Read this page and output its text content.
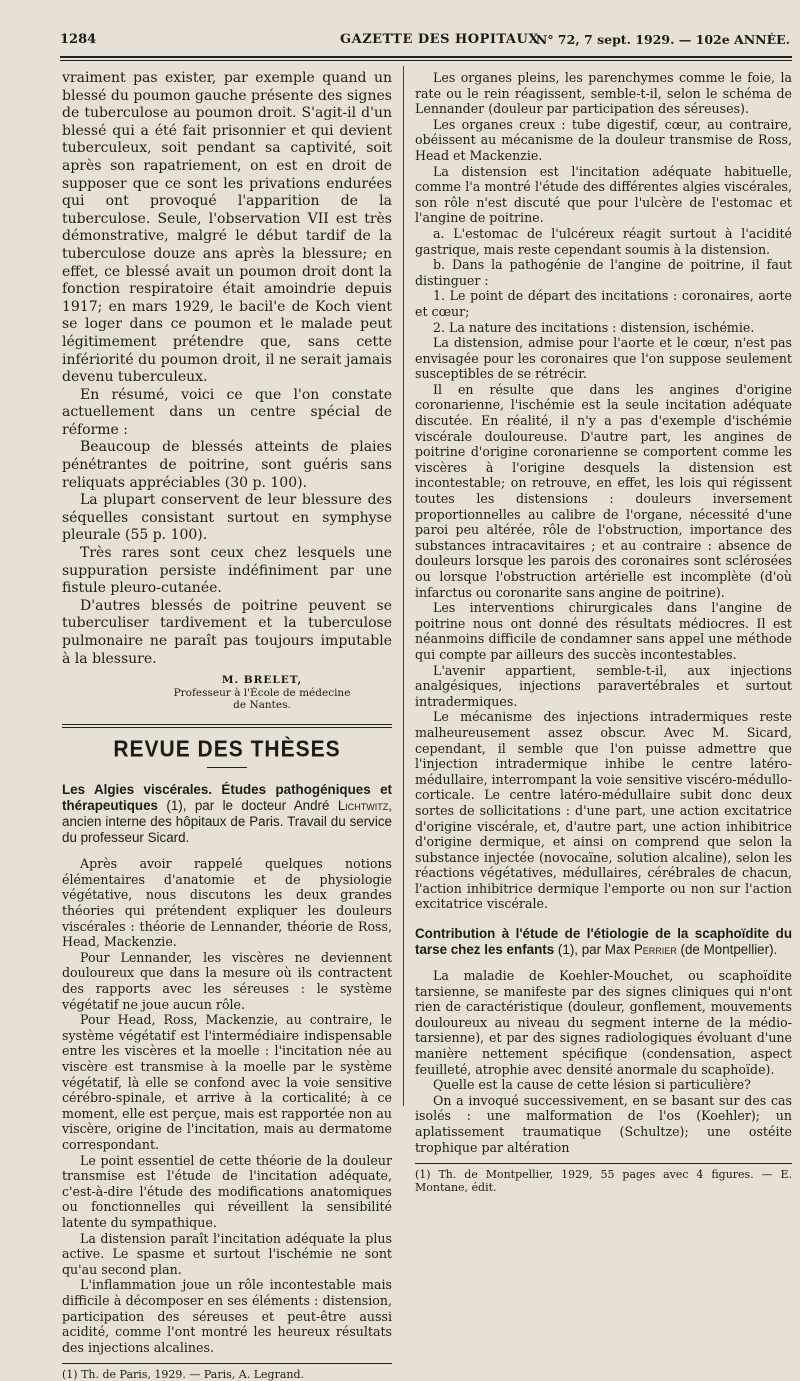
1284	GAZETTE DES HOPITAUX
N° 72, 7 sept. 1929. — 102e ANNÉE.

vraiment pas exister, par exemple quand un blessé du poumon gauche présente des signes de tuberculose au poumon droit. S'agit-il d'un blessé qui a été fait prisonnier et qui devient tuberculeux, soit pendant sa captivité, soit après son rapatriement, on est en droit de supposer que ce sont les privations endurées qui ont provoqué l'apparition de la tuberculose. Seule, l'observation VII est très démonstrative, malgré le début tardif de la tuberculose douze ans après la blessure; en effet, ce blessé avait un poumon droit dont la fonction respiratoire était amoindrie depuis 1917; en mars 1929, le bacil'e de Koch vient se loger dans ce poumon et le malade peut légitimement prétendre que, sans cette infériorité du poumon droit, il ne serait jamais devenu tuberculeux.

En résumé, voici ce que l'on constate actuellement dans un centre spécial de réforme :

Beaucoup de blessés atteints de plaies pénétrantes de poitrine, sont guéris sans reliquats appréciables (30 p. 100).

La plupart conservent de leur blessure des séquelles consistant surtout en symphyse pleurale (55 p. 100).

Très rares sont ceux chez lesquels une suppuration persiste indéfiniment par une fistule pleuro-cutanée.

D'autres blessés de poitrine peuvent se tuberculiser tardivement et la tuberculose pulmonaire ne paraît pas toujours imputable à la blessure.

M. BRELET,
Professeur à l'École de médecine
de Nantes.
REVUE DES THÈSES
Les Algies viscérales. Études pathogéniques et thérapeutiques (1), par le docteur André Lichtwitz, ancien interne des hôpitaux de Paris. Travail du service du professeur Sicard.

Après avoir rappelé quelques notions élémentaires d'anatomie et de physiologie végétative, nous discutons les deux grandes théories qui prétendent expliquer les douleurs viscérales : théorie de Lennander, théorie de Ross, Head, Mackenzie.

Pour Lennander, les viscères ne deviennent douloureux que dans la mesure où ils contractent des rapports avec les séreuses : le système végétatif ne joue aucun rôle.

Pour Head, Ross, Mackenzie, au contraire, le système végétatif est l'intermédiaire indispensable entre les viscères et la moelle : l'incitation née au viscère est transmise à la moelle par le système végétatif, là elle se confond avec la voie sensitive cérébro-spinale, et arrive à la corticalité; à ce moment, elle est perçue, mais est rapportée non au viscère, origine de l'incitation, mais au dermatome correspondant.

Le point essentiel de cette théorie de la douleur transmise est l'étude de l'incitation adéquate, c'est-à-dire l'étude des modifications anatomiques ou fonctionnelles qui réveillent la sensibilité latente du sympathique.

La distension paraît l'incitation adéquate la plus active. Le spasme et surtout l'ischémie ne sont qu'au second plan.

L'inflammation joue un rôle incontestable mais difficile à décomposer en ses éléments : distension, participation des séreuses et peut-être aussi acidité, comme l'ont montré les heureux résultats des injections alcalines.

(1) Th. de Paris, 1929. — Paris, A. Legrand.

Les organes pleins, les parenchymes comme le foie, la rate ou le rein réagissent, semble-t-il, selon le schéma de Lennander (douleur par participation des séreuses).

Les organes creux : tube digestif, cœur, au contraire, obéissent au mécanisme de la douleur transmise de Ross, Head et Mackenzie.

La distension est l'incitation adéquate habituelle, comme l'a montré l'étude des différentes algies viscérales, son rôle n'est discuté que pour l'ulcère de l'estomac et l'angine de poitrine.

a. L'estomac de l'ulcéreux réagit surtout à l'acidité gastrique, mais reste cependant soumis à la distension.

b. Dans la pathogénie de l'angine de poitrine, il faut distinguer :

1. Le point de départ des incitations : coronaires, aorte et cœur;

2. La nature des incitations : distension, ischémie.

La distension, admise pour l'aorte et le cœur, n'est pas envisagée pour les coronaires que l'on suppose seulement susceptibles de se rétrécir.

Il en résulte que dans les angines d'origine coronarienne, l'ischémie est la seule incitation adéquate discutée. En réalité, il n'y a pas d'exemple d'ischémie viscérale douloureuse. D'autre part, les angines de poitrine d'origine coronarienne se comportent comme les viscères à l'origine desquels la distension est incontestable; on retrouve, en effet, les lois qui régissent toutes les distensions : douleurs inversement proportionnelles au calibre de l'organe, nécessité d'une paroi peu altérée, rôle de l'obstruction, importance des substances intracavitaires ; et au contraire : absence de douleurs lorsque les parois des coronaires sont sclérosées ou lorsque l'obstruction artérielle est incomplète (d'où infarctus ou coronarite sans angine de poitrine).

Les interventions chirurgicales dans l'angine de poitrine nous ont donné des résultats médiocres. Il est néanmoins difficile de condamner sans appel une méthode qui compte par ailleurs des succès incontestables.

L'avenir appartient, semble-t-il, aux injections analgésiques, injections paravertébrales et surtout intradermiques.

Le mécanisme des injections intradermiques reste malheureusement assez obscur. Avec M. Sicard, cependant, il semble que l'on puisse admettre que l'injection intradermique inhibe le centre latéro-médullaire, interrompant la voie sensitive viscéro-médullo-corticale. Le centre latéro-médullaire subit donc deux sortes de sollicitations : d'une part, une action excitatrice d'origine viscérale, et, d'autre part, une action inhibitrice d'origine dermique, et ainsi on comprend que selon la substance injectée (novocaïne, solution alcaline), selon les réactions végétatives, médullaires, cérébrales de chacun, l'action inhibitrice dermique l'emporte ou non sur l'action excitatrice viscérale.

Contribution à l'étude de l'étiologie de la scaphoïdite du tarse chez les enfants (1), par Max Perrier (de Montpellier).

La maladie de Koehler-Mouchet, ou scaphoïdite tarsienne, se manifeste par des signes cliniques qui n'ont rien de caractéristique (douleur, gonflement, mouvements douloureux au niveau du segment interne de la médio-tarsienne), et par des signes radiologiques évoluant d'une manière nettement spécifique (condensation, aspect feuilleté, atrophie avec densité anormale du scaphoïde).

Quelle est la cause de cette lésion si particulière?

On a invoqué successivement, en se basant sur des cas isolés : une malformation de l'os (Koehler); un aplatissement traumatique (Schultze); une ostéite trophique par altération

(1) Th. de Montpellier, 1929, 55 pages avec 4 figures. — E. Montane, édit.
